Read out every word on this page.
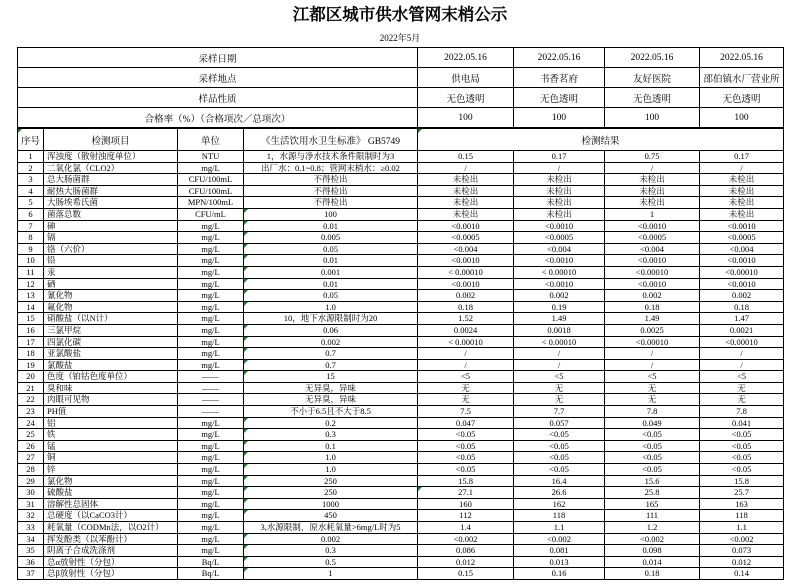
江都区城市供水管网末梢公示
2022年5月
采样日期	2022.05.16	2022.05.16	2022.05.16	2022.05.16
采样地点	供电局	书香茗府	友好医院	邵伯镇水厂营业所
样品性质	无色透明	无色透明	无色透明	无色透明
合格率（%）（合格项次／总项次）	100	100	100	100
序号	检测项目	单位	《生活饮用水卫生标准》 GB5749	检测结果			
1	浑浊度（散射浊度单位）	NTU	1，水源与净水技术条件限制时为3	0.15	0.17	0.75	0.17
2	二氧化氯（CLO2）	mg/L	出厂水：0.1~0.8；管网末梢水：≥0.02	/	/	/	/
3	总大肠菌群	CFU/100mL	不得检出	未检出	未检出	未检出	未检出
4	耐热大肠菌群	CFU/100mL	不得检出	未检出	未检出	未检出	未检出
5	大肠埃希氏菌	MPN/100mL	不得检出	未检出	未检出	未检出	未检出
6	菌落总数	CFU/mL	100	未检出	未检出	1	未检出
7	砷	mg/L	0.01	<0.0010	<0.0010	<0.0010	<0.0010
8	镉	mg/L	0.005	<0.0005	<0.0005	<0.0005	<0.0005
9	铬（六价）	mg/L	0.05	<0.004	<0.004	<0.004	<0.004
10	铅	mg/L	0.01	<0.0010	<0.0010	<0.0010	<0.0010
11	汞	mg/L	0.001	< 0.00010	< 0.00010	<0.00010	<0.00010
12	硒	mg/L	0.01	<0.0010	<0.0010	<0.0010	<0.0010
13	氰化物	mg/L	0.05	0.002	0.002	0.002	0.002
14	氟化物	mg/L	1.0	0.18	0.19	0.18	0.18
15	硝酸盐（以N计）	mg/L	10，地下水源限制时为20	1.52	1.49	1.49	1.47
16	三氯甲烷	mg/L	0.06	0.0024	0.0018	0.0025	0.0021
17	四氯化碳	mg/L	0.002	< 0.00010	< 0.00010	<0.00010	<0.00010
18	亚氯酸盐	mg/L	0.7	/	/	/	/
19	氯酸盐	mg/L	0.7	/	/	/	/
20	色度（铂钴色度单位）	——	15	<5	<5	<5	<5
21	臭和味	——	无异臭，异味	无	无	无	无
22	肉眼可见物	——	无异臭，异味	无	无	无	无
23	PH值	——	不小于6.5且不大于8.5	7.5	7.7	7.8	7.8
24	铝	mg/L	0.2	0.047	0.057	0.049	0.041
25	铁	mg/L	0.3	<0.05	<0.05	<0.05	<0.05
26	锰	mg/L	0.1	<0.05	<0.05	<0.05	<0.05
27	铜	mg/L	1.0	<0.05	<0.05	<0.05	<0.05
28	锌	mg/L	1.0	<0.05	<0.05	<0.05	<0.05
29	氯化物	mg/L	250	15.8	16.4	15.6	15.8
30	硫酸盐	mg/L	250	27.1	26.6	25.8	25.7
31	溶解性总固体	mg/L	1000	160	162	165	163
32	总硬度（以CaCO3计）	mg/L	450	112	118	111	118
33	耗氧量（CODMn法，以O2计）	mg/L	3,水源限制，原水耗氧量>6mg/L时为5	1.4	1.1	1.2	1.1
34	挥发酚类（以苯酚计）	mg/L	0.002	<0.002	<0.002	<0.002	<0.002
35	阴离子合成洗涤剂	mg/L	0.3	0.086	0.081	0.098	0.073
36	总α放射性（分包）	Bq/L	0.5	0.012	0.013	0.014	0.012
37	总β放射性（分包）	Bq/L	1	0.15	0.16	0.18	0.14
